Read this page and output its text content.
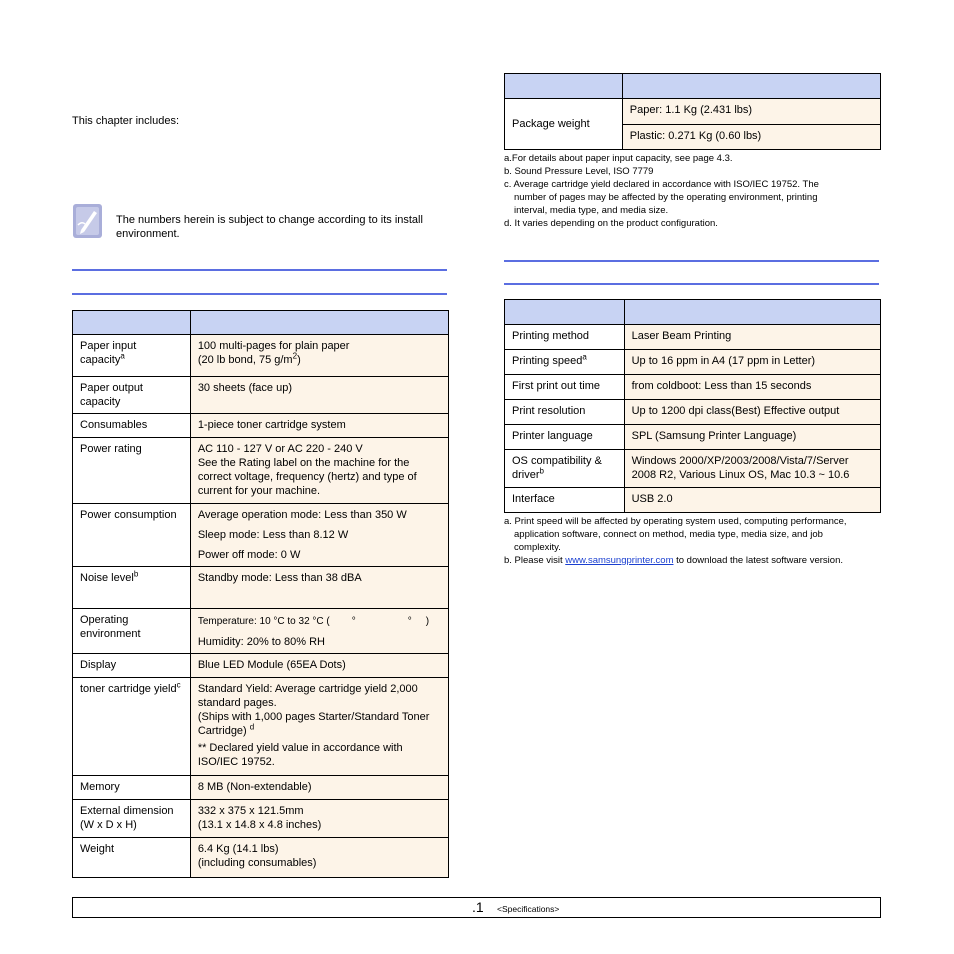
This chapter includes:
The numbers herein is subject to change according to its install environment.

Paper input capacity$^a$	100 multi-pages for plain paper
(20 lb bond, 75 $g/m^2$)

Paper output capacity	30 sheets (face up)
Consumables	1-piece toner cartridge system
Power rating	AC 110 - 127 V or AC 220 - 240 V
See the Rating label on the machine for the correct voltage, frequency (hertz) and type of current for your machine.

Power consumption	Average operation mode: Less than 350 W
Sleep mode: Less than 8.12 W
Power off mode: 0 W

Noise level$^b$	Standby mode: Less than 38 dBA
Operating environment	Temperature: 10 °C to 32 °C ( ° ° )
Humidity: 20% to 80% RH

Display	Blue LED Module (65EA Dots)
toner cartridge yield$^c$	Standard Yield: Average cartridge yield 2,000 standard pages.
(Ships with 1,000 pages Starter/Standard Toner Cartridge) $^d$
** Declared yield value in accordance with ISO/IEC 19752.

Memory	8 MB (Non-extendable)
External dimension (W x D x H)	332 x 375 x 121.5mm
(13.1 x 14.8 x 4.8 inches)

Weight	6.4 Kg (14.1 lbs)
(including consumables)

Package weight	Paper: 1.1 Kg (2.431 lbs)
Plastic: 0.271 Kg (0.60 lbs)
a.For details about paper input capacity, see page 4.3.
b. Sound Pressure Level, ISO 7779
c. Average cartridge yield declared in accordance with ISO/IEC 19752. The
number of pages may be affected by the operating environment, printing
interval, media type, and media size.
d. It varies depending on the product configuration.

Printing method	Laser Beam Printing
Printing speed$^a$	Up to 16 ppm in A4 (17 ppm in Letter)
First print out time	from coldboot: Less than 15 seconds
Print resolution	Up to 1200 dpi class(Best) Effective output
Printer language	SPL (Samsung Printer Language)
OS compatibility & driver$^b$	Windows 2000/XP/2003/2008/Vista/7/Server 2008 R2, Various Linux OS, Mac 10.3 ~ 10.6
Interface	USB 2.0
a. Print speed will be affected by operating system used, computing performance,
application software, connect on method, media type, media size, and job
complexity.
b. Please visit www.samsungprinter.com to download the latest software version.
.1 <Specifications>
